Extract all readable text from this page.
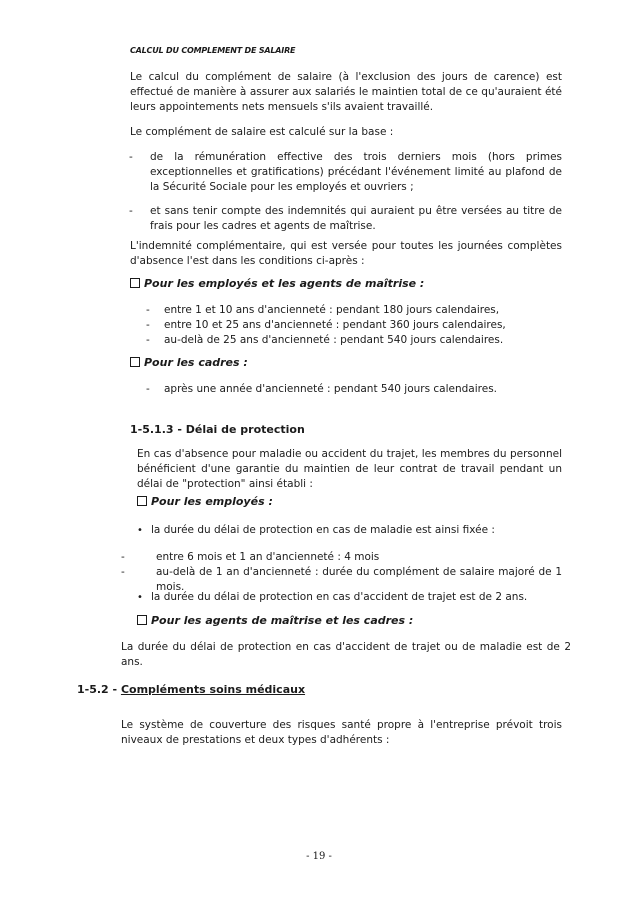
CALCUL DU COMPLEMENT DE SALAIRE

Le calcul du complément de salaire (à l'exclusion des jours de carence) est effectué de manière à assurer aux salariés le maintien total de ce qu'auraient été leurs appointements nets mensuels s'ils avaient travaillé.

Le complément de salaire est calculé sur la base :

- de la rémunération effective des trois derniers mois (hors primes exceptionnelles et gratifications) précédant l'événement limité au plafond de la Sécurité Sociale pour les employés et ouvriers ;
- et sans tenir compte des indemnités qui auraient pu être versées au titre de frais pour les cadres et agents de maîtrise.

L'indemnité complémentaire, qui est versée pour toutes les journées complètes d'absence l'est dans les conditions ci-après :

Pour les employés et les agents de maîtrise :
- entre 1 et 10 ans d'ancienneté : pendant 180 jours calendaires,
- entre 10 et 25 ans d'ancienneté : pendant 360 jours calendaires,
- au-delà de 25 ans d'ancienneté : pendant 540 jours calendaires.
Pour les cadres :
- après une année d'ancienneté : pendant 540 jours calendaires.
1-5.1.3 - Délai de protection

En cas d'absence pour maladie ou accident du trajet, les membres du personnel bénéficient d'une garantie du maintien de leur contrat de travail pendant un délai de "protection" ainsi établi :

Pour les employés :
• la durée du délai de protection en cas de maladie est ainsi fixée :
-	entre 6 mois et 1 an d'ancienneté : 4 mois
-	au-delà de 1 an d'ancienneté : durée du complément de salaire majoré de 1 mois.
• la durée du délai de protection en cas d'accident de trajet est de 2 ans.
Pour les agents de maîtrise et les cadres :

La durée du délai de protection en cas d'accident de trajet ou de maladie est de 2 ans.

1-5.2 - Compléments soins médicaux

Le système de couverture des risques santé propre à l'entreprise prévoit trois niveaux de prestations et deux types d'adhérents :

- 19 -
